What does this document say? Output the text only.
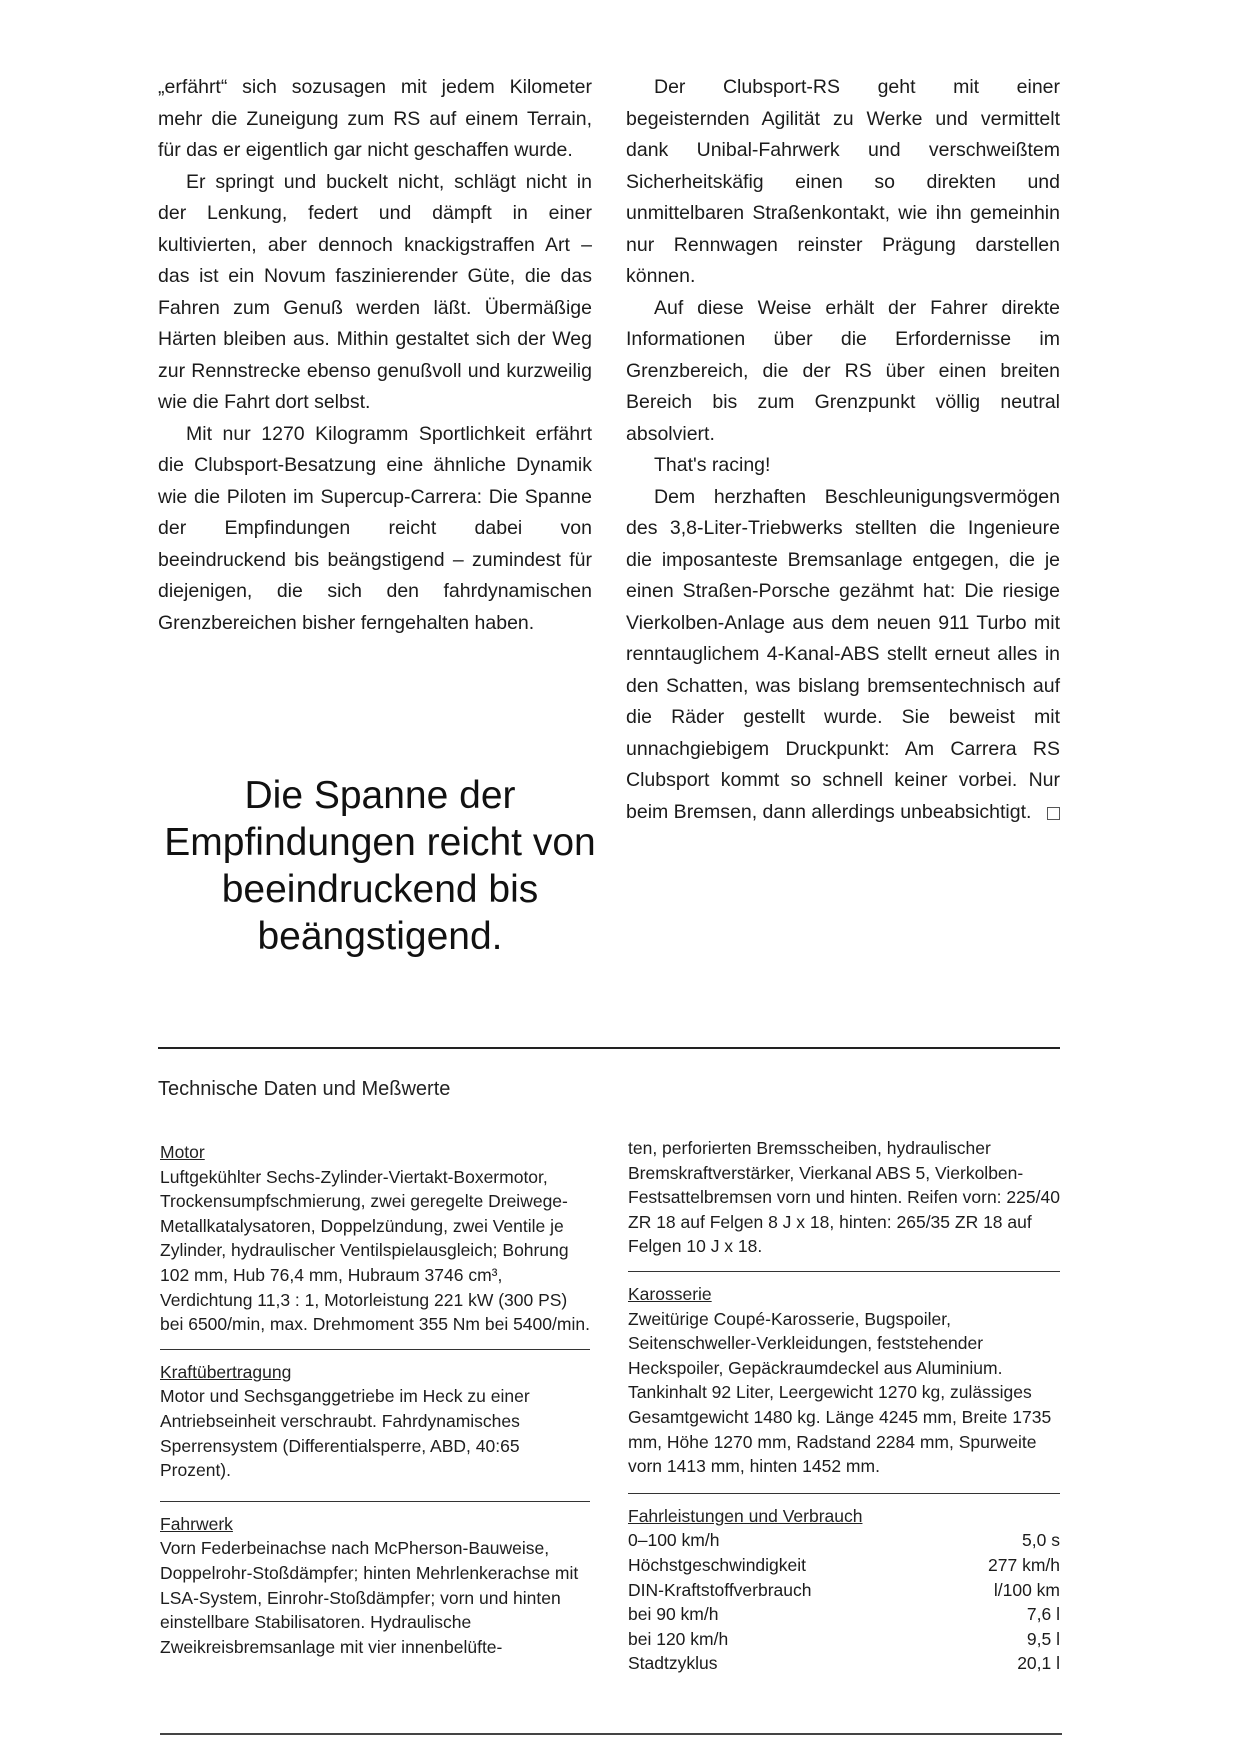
„erfährt“ sich sozusagen mit jedem Kilometer mehr die Zuneigung zum RS auf einem Terrain, für das er eigentlich gar nicht geschaffen wurde.

Er springt und buckelt nicht, schlägt nicht in der Lenkung, federt und dämpft in einer kultivierten, aber dennoch knackigstraffen Art – das ist ein Novum faszinierender Güte, die das Fahren zum Genuß werden läßt. Übermäßige Härten bleiben aus. Mithin gestaltet sich der Weg zur Rennstrecke ebenso genußvoll und kurzweilig wie die Fahrt dort selbst.

Mit nur 1270 Kilogramm Sportlichkeit erfährt die Clubsport-Besatzung eine ähnliche Dynamik wie die Piloten im Supercup-Carrera: Die Spanne der Empfindungen reicht dabei von beeindruckend bis beängstigend – zumindest für diejenigen, die sich den fahrdynamischen Grenzbereichen bisher ferngehalten haben.

Die Spanne der Empfindungen reicht von beeindruckend bis beängstigend.

Der Clubsport-RS geht mit einer begeisternden Agilität zu Werke und vermittelt dank Unibal-Fahrwerk und verschweißtem Sicherheitskäfig einen so direkten und unmittelbaren Straßenkontakt, wie ihn gemeinhin nur Rennwagen reinster Prägung darstellen können.

Auf diese Weise erhält der Fahrer direkte Informationen über die Erfordernisse im Grenzbereich, die der RS über einen breiten Bereich bis zum Grenzpunkt völlig neutral absolviert.

That's racing!

Dem herzhaften Beschleunigungsvermögen des 3,8-Liter-Triebwerks stellten die Ingenieure die imposanteste Bremsanlage entgegen, die je einen Straßen-Porsche gezähmt hat: Die riesige Vierkolben-Anlage aus dem neuen 911 Turbo mit renntauglichem 4-Kanal-ABS stellt erneut alles in den Schatten, was bislang bremsentechnisch auf die Räder gestellt wurde. Sie beweist mit unnachgiebigem Druckpunkt: Am Carrera RS Clubsport kommt so schnell keiner vorbei. Nur beim Bremsen, dann allerdings unbeabsichtigt.

Technische Daten und Meßwerte
Motor
Luftgekühlter Sechs-Zylinder-Viertakt-Boxermotor, Trockensumpfschmierung, zwei geregelte Dreiwege-Metallkatalysatoren, Doppelzündung, zwei Ventile je Zylinder, hydraulischer Ventilspielausgleich; Bohrung 102 mm, Hub 76,4 mm, Hubraum 3746 cm³, Verdichtung 11,3 : 1, Motorleistung 221 kW (300 PS) bei 6500/min, max. Drehmoment 355 Nm bei 5400/min.
Kraftübertragung
Motor und Sechsganggetriebe im Heck zu einer Antriebseinheit verschraubt. Fahrdynamisches Sperrensystem (Differentialsperre, ABD, 40:65 Prozent).
Fahrwerk
Vorn Federbeinachse nach McPherson-Bauweise, Doppelrohr-Stoßdämpfer; hinten Mehrlenkerachse mit LSA-System, Einrohr-Stoßdämpfer; vorn und hinten einstellbare Stabilisatoren. Hydraulische Zweikreisbremsanlage mit vier innenbelüfte-
ten, perforierten Bremsscheiben, hydraulischer Bremskraftverstärker, Vierkanal ABS 5, Vierkolben-Festsattelbremsen vorn und hinten. Reifen vorn: 225/40 ZR 18 auf Felgen 8 J x 18, hinten: 265/35 ZR 18 auf Felgen 10 J x 18.
Karosserie
Zweitürige Coupé-Karosserie, Bugspoiler, Seitenschweller-Verkleidungen, feststehender Heckspoiler, Gepäckraumdeckel aus Aluminium. Tankinhalt 92 Liter, Leergewicht 1270 kg, zulässiges Gesamtgewicht 1480 kg. Länge 4245 mm, Breite 1735 mm, Höhe 1270 mm, Radstand 2284 mm, Spurweite vorn 1413 mm, hinten 1452 mm.
Fahrleistungen und Verbrauch
0–100 km/h	5,0 s
Höchstgeschwindigkeit	277 km/h
DIN-Kraftstoffverbrauch	l/100 km
bei 90 km/h	7,6 l
bei 120 km/h	9,5 l
Stadtzyklus	20,1 l
